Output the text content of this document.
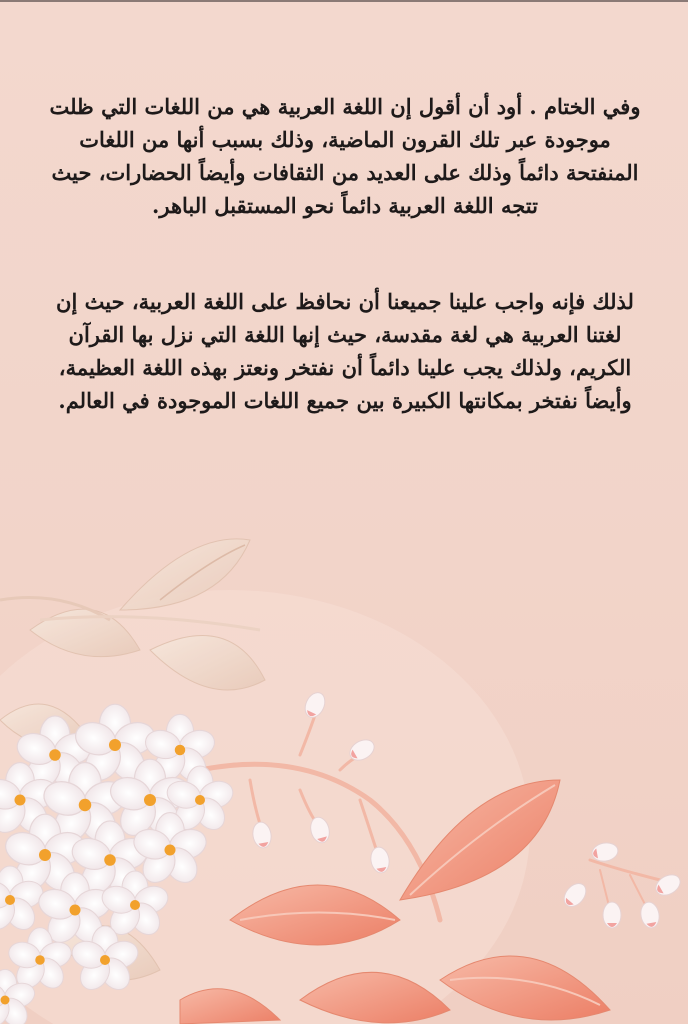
وفي الختام . أود أن أقول إن اللغة العربية هي من اللغات التي ظلت موجودة عبر تلك القرون الماضية، وذلك بسبب أنها من اللغات المنفتحة دائماً وذلك على العديد من الثقافات وأيضاً الحضارات، حيث تتجه اللغة العربية دائماً نحو المستقبل الباهر.
لذلك فإنه واجب علينا جميعنا أن نحافظ على اللغة العربية، حيث إن لغتنا العربية هي لغة مقدسة، حيث إنها اللغة التي نزل بها القرآن الكريم، ولذلك يجب علينا دائماً أن نفتخر ونعتز بهذه اللغة العظيمة، وأيضاً نفتخر بمكانتها الكبيرة بين جميع اللغات الموجودة في العالم.
